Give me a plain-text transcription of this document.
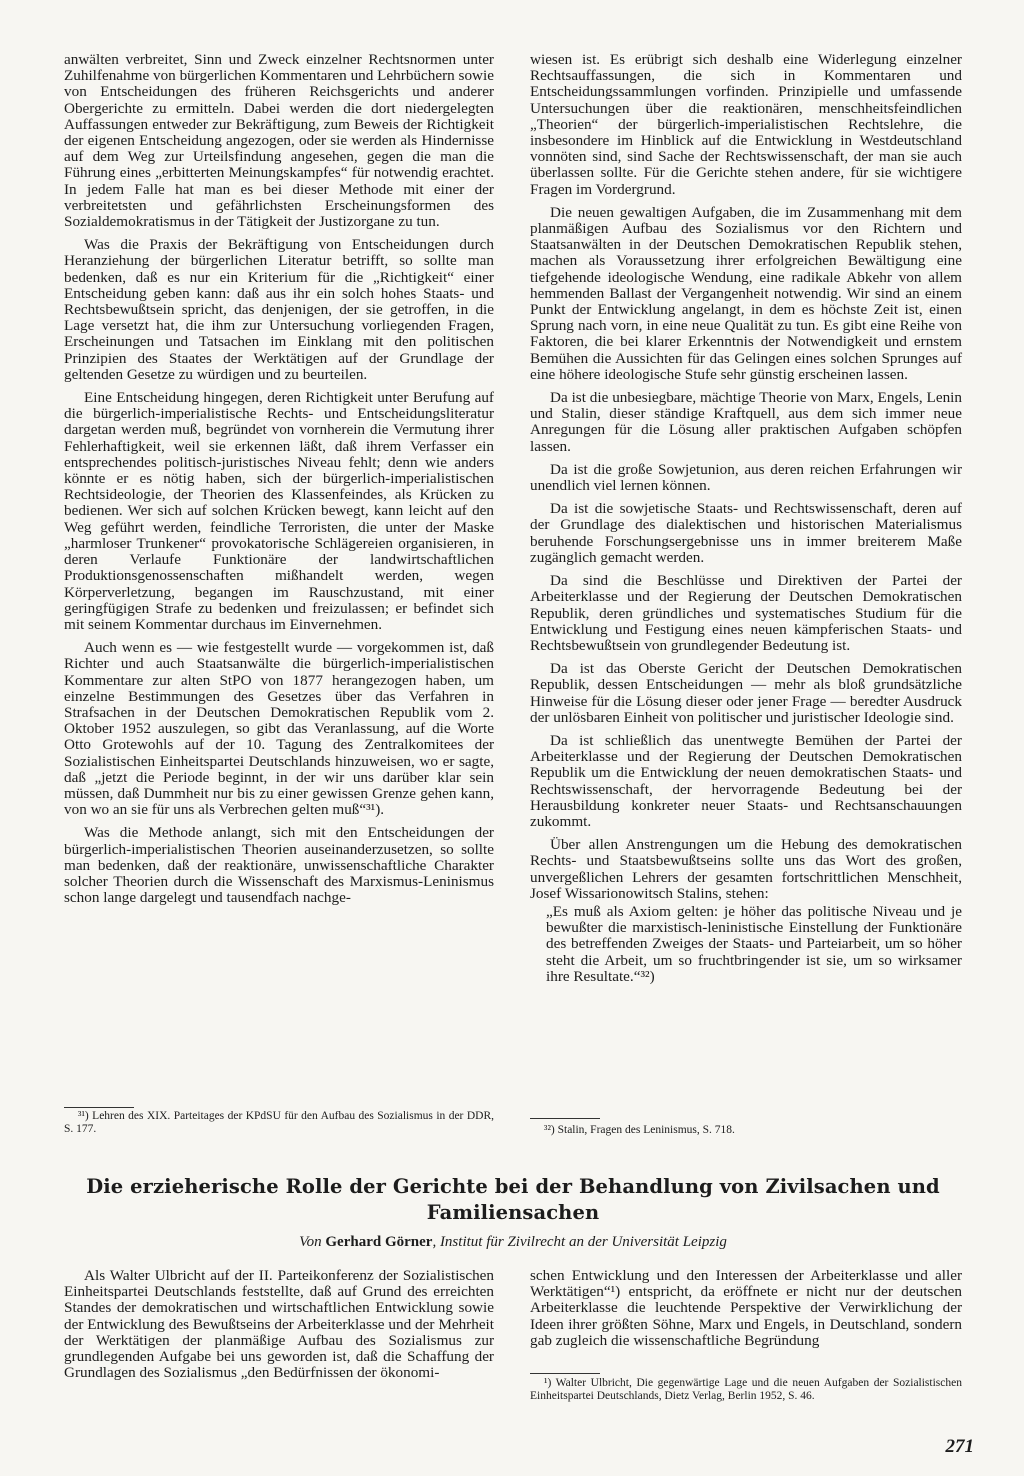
anwälten verbreitet, Sinn und Zweck einzelner Rechtsnormen unter Zuhilfenahme von bürgerlichen Kommentaren und Lehrbüchern sowie von Entscheidungen des früheren Reichsgerichts und anderer Obergerichte zu ermitteln. Dabei werden die dort niedergelegten Auffassungen entweder zur Bekräftigung, zum Beweis der Richtigkeit der eigenen Entscheidung angezogen, oder sie werden als Hindernisse auf dem Weg zur Urteilsfindung angesehen, gegen die man die Führung eines „erbitterten Meinungskampfes“ für notwendig erachtet. In jedem Falle hat man es bei dieser Methode mit einer der verbreitetsten und gefährlichsten Erscheinungsformen des Sozialdemokratismus in der Tätigkeit der Justizorgane zu tun.

Was die Praxis der Bekräftigung von Entscheidungen durch Heranziehung der bürgerlichen Literatur betrifft, so sollte man bedenken, daß es nur ein Kriterium für die „Richtigkeit“ einer Entscheidung geben kann: daß aus ihr ein solch hohes Staats- und Rechtsbewußtsein spricht, das denjenigen, der sie getroffen, in die Lage versetzt hat, die ihm zur Untersuchung vorliegenden Fragen, Erscheinungen und Tatsachen im Einklang mit den politischen Prinzipien des Staates der Werktätigen auf der Grundlage der geltenden Gesetze zu würdigen und zu beurteilen.

Eine Entscheidung hingegen, deren Richtigkeit unter Berufung auf die bürgerlich-imperialistische Rechts- und Entscheidungsliteratur dargetan werden muß, begründet von vornherein die Vermutung ihrer Fehlerhaftigkeit, weil sie erkennen läßt, daß ihrem Verfasser ein entsprechendes politisch-juristisches Niveau fehlt; denn wie anders könnte er es nötig haben, sich der bürgerlich-imperialistischen Rechtsideologie, der Theorien des Klassenfeindes, als Krücken zu bedienen. Wer sich auf solchen Krücken bewegt, kann leicht auf den Weg geführt werden, feindliche Terroristen, die unter der Maske „harmloser Trunkener“ provokatorische Schlägereien organisieren, in deren Verlaufe Funktionäre der landwirtschaftlichen Produktionsgenossenschaften mißhandelt werden, wegen Körperverletzung, begangen im Rauschzustand, mit einer geringfügigen Strafe zu bedenken und freizulassen; er befindet sich mit seinem Kommentar durchaus im Einvernehmen.

Auch wenn es — wie festgestellt wurde — vorgekommen ist, daß Richter und auch Staatsanwälte die bürgerlich-imperialistischen Kommentare zur alten StPO von 1877 herangezogen haben, um einzelne Bestimmungen des Gesetzes über das Verfahren in Strafsachen in der Deutschen Demokratischen Republik vom 2. Oktober 1952 auszulegen, so gibt das Veranlassung, auf die Worte Otto Grotewohls auf der 10. Tagung des Zentralkomitees der Sozialistischen Einheitspartei Deutschlands hinzuweisen, wo er sagte, daß „jetzt die Periode beginnt, in der wir uns darüber klar sein müssen, daß Dummheit nur bis zu einer gewissen Grenze gehen kann, von wo an sie für uns als Verbrechen gelten muß“³¹).

Was die Methode anlangt, sich mit den Entscheidungen der bürgerlich-imperialistischen Theorien auseinanderzusetzen, so sollte man bedenken, daß der reaktionäre, unwissenschaftliche Charakter solcher Theorien durch die Wissenschaft des Marxismus-Leninismus schon lange dargelegt und tausendfach nachge-

³¹) Lehren des XIX. Parteitages der KPdSU für den Aufbau des Sozialismus in der DDR, S. 177.

wiesen ist. Es erübrigt sich deshalb eine Widerlegung einzelner Rechtsauffassungen, die sich in Kommentaren und Entscheidungssammlungen vorfinden. Prinzipielle und umfassende Untersuchungen über die reaktionären, menschheitsfeindlichen „Theorien“ der bürgerlich-imperialistischen Rechtslehre, die insbesondere im Hinblick auf die Entwicklung in Westdeutschland vonnöten sind, sind Sache der Rechtswissenschaft, der man sie auch überlassen sollte. Für die Gerichte stehen andere, für sie wichtigere Fragen im Vordergrund.

Die neuen gewaltigen Aufgaben, die im Zusammenhang mit dem planmäßigen Aufbau des Sozialismus vor den Richtern und Staatsanwälten in der Deutschen Demokratischen Republik stehen, machen als Voraussetzung ihrer erfolgreichen Bewältigung eine tiefgehende ideologische Wendung, eine radikale Abkehr von allem hemmenden Ballast der Vergangenheit notwendig. Wir sind an einem Punkt der Entwicklung angelangt, in dem es höchste Zeit ist, einen Sprung nach vorn, in eine neue Qualität zu tun. Es gibt eine Reihe von Faktoren, die bei klarer Erkenntnis der Notwendigkeit und ernstem Bemühen die Aussichten für das Gelingen eines solchen Sprunges auf eine höhere ideologische Stufe sehr günstig erscheinen lassen.

Da ist die unbesiegbare, mächtige Theorie von Marx, Engels, Lenin und Stalin, dieser ständige Kraftquell, aus dem sich immer neue Anregungen für die Lösung aller praktischen Aufgaben schöpfen lassen.

Da ist die große Sowjetunion, aus deren reichen Erfahrungen wir unendlich viel lernen können.

Da ist die sowjetische Staats- und Rechtswissenschaft, deren auf der Grundlage des dialektischen und historischen Materialismus beruhende Forschungsergebnisse uns in immer breiterem Maße zugänglich gemacht werden.

Da sind die Beschlüsse und Direktiven der Partei der Arbeiterklasse und der Regierung der Deutschen Demokratischen Republik, deren gründliches und systematisches Studium für die Entwicklung und Festigung eines neuen kämpferischen Staats- und Rechtsbewußtsein von grundlegender Bedeutung ist.

Da ist das Oberste Gericht der Deutschen Demokratischen Republik, dessen Entscheidungen — mehr als bloß grundsätzliche Hinweise für die Lösung dieser oder jener Frage — beredter Ausdruck der unlösbaren Einheit von politischer und juristischer Ideologie sind.

Da ist schließlich das unentwegte Bemühen der Partei der Arbeiterklasse und der Regierung der Deutschen Demokratischen Republik um die Entwicklung der neuen demokratischen Staats- und Rechtswissenschaft, der hervorragende Bedeutung bei der Herausbildung konkreter neuer Staats- und Rechtsanschauungen zukommt.

Über allen Anstrengungen um die Hebung des demokratischen Rechts- und Staatsbewußtseins sollte uns das Wort des großen, unvergeßlichen Lehrers der gesamten fortschrittlichen Menschheit, Josef Wissarionowitsch Stalins, stehen:

„Es muß als Axiom gelten: je höher das politische Niveau und je bewußter die marxistisch-leninistische Einstellung der Funktionäre des betreffenden Zweiges der Staats- und Parteiarbeit, um so höher steht die Arbeit, um so fruchtbringender ist sie, um so wirksamer ihre Resultate.“³²)

³²) Stalin, Fragen des Leninismus, S. 718.

Die erzieherische Rolle der Gerichte bei der Behandlung von Zivilsachen und Familiensachen
Von Gerhard Görner, Institut für Zivilrecht an der Universität Leipzig

Als Walter Ulbricht auf der II. Parteikonferenz der Sozialistischen Einheitspartei Deutschlands feststellte, daß auf Grund des erreichten Standes der demokratischen und wirtschaftlichen Entwicklung sowie der Entwicklung des Bewußtseins der Arbeiterklasse und der Mehrheit der Werktätigen der planmäßige Aufbau des Sozialismus zur grundlegenden Aufgabe bei uns geworden ist, daß die Schaffung der Grundlagen des Sozialismus „den Bedürfnissen der ökonomi-

schen Entwicklung und den Interessen der Arbeiterklasse und aller Werktätigen“¹) entspricht, da eröffnete er nicht nur der deutschen Arbeiterklasse die leuchtende Perspektive der Verwirklichung der Ideen ihrer größten Söhne, Marx und Engels, in Deutschland, sondern gab zugleich die wissenschaftliche Begründung

¹) Walter Ulbricht, Die gegenwärtige Lage und die neuen Aufgaben der Sozialistischen Einheitspartei Deutschlands, Dietz Verlag, Berlin 1952, S. 46.

271
